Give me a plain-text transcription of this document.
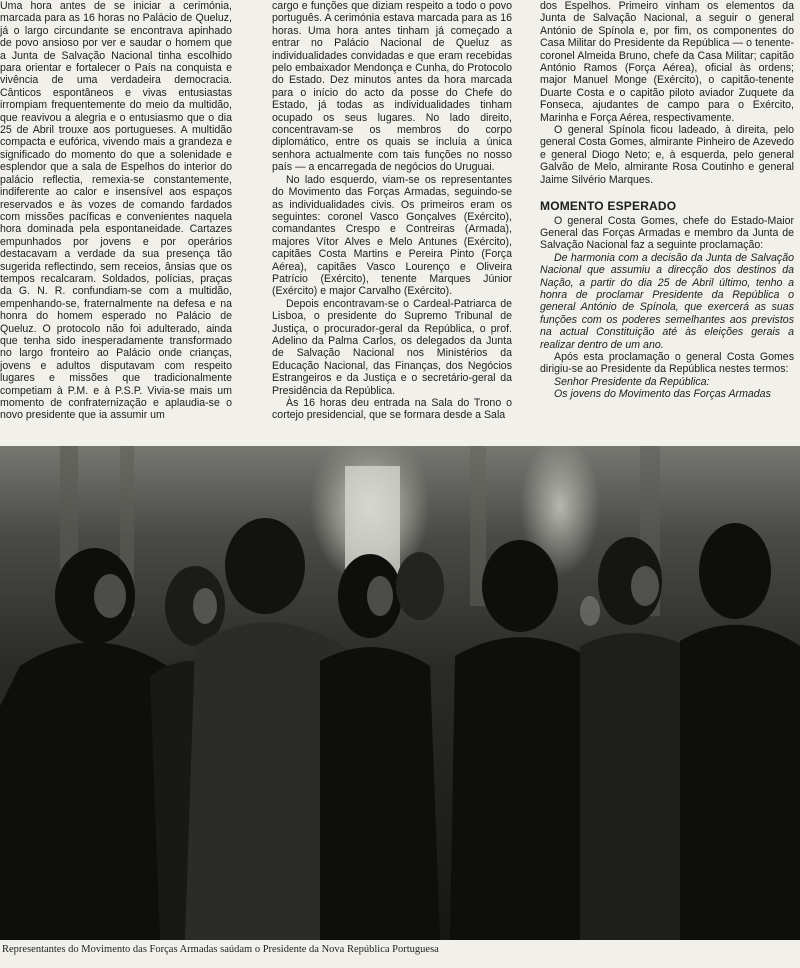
Uma hora antes de se iniciar a cerimónia, marcada para as 16 horas no Palácio de Queluz, já o largo circundante se encontrava apinhado de povo ansioso por ver e saudar o homem que a Junta de Salvação Nacional tinha escolhido para orientar e fortalecer o País na conquista e vivência de uma verdadeira democracia. Cânticos espontâneos e vivas entusiastas irrompiam frequentemente do meio da multidão, que reavivou a alegria e o entusiasmo que o dia 25 de Abril trouxe aos portugueses. A multidão compacta e eufórica, vivendo mais a grandeza e significado do momento do que a solenidade e esplendor que a sala de Espelhos do interior do palácio reflectia, remexia-se constantemente, indiferente ao calor e insensível aos espaços reservados e às vozes de comando fardados com missões pacíficas e convenientes naquela hora dominada pela espontaneidade. Cartazes empunhados por jovens e por operários destacavam a verdade da sua presença tão sugerida reflectindo, sem receios, ânsias que os tempos recalcaram. Soldados, polícias, praças da G. N. R. confundiam-se com a multidão, empenhando-se, fraternalmente na defesa e na honra do homem esperado no Palácio de Queluz. O protocolo não foi adulterado, ainda que tenha sido inesperadamente transformado no largo fronteiro ao Palácio onde crianças, jovens e adultos disputavam com respeito lugares e missões que tradicionalmente competiam à P.M. e à P.S.P. Vivia-se mais um momento de confraternização e aplaudia-se o novo presidente que ia assumir um

cargo e funções que diziam respeito a todo o povo português. A cerimónia estava marcada para as 16 horas. Uma hora antes tinham já começado a entrar no Palácio Nacional de Queluz as individualidades convidadas e que eram recebidas pelo embaixador Mendonça e Cunha, do Protocolo do Estado. Dez minutos antes da hora marcada para o início do acto da posse do Chefe do Estado, já todas as individualidades tinham ocupado os seus lugares. No lado direito, concentravam-se os membros do corpo diplomático, entre os quais se incluía a única senhora actualmente com tais funções no nosso país — a encarregada de negócios do Uruguai.

No lado esquerdo, viam-se os representantes do Movimento das Forças Armadas, seguindo-se as individualidades civis. Os primeiros eram os seguintes: coronel Vasco Gonçalves (Exército), comandantes Crespo e Contreiras (Armada), majores Vítor Alves e Melo Antunes (Exército), capitães Costa Martins e Pereira Pinto (Força Aérea), capitães Vasco Lourenço e Oliveira Patrício (Exército), tenente Marques Júnior (Exército) e major Carvalho (Exército).

Depois encontravam-se o Cardeal-Patriarca de Lisboa, o presidente do Supremo Tribunal de Justiça, o procurador-geral da República, o prof. Adelino da Palma Carlos, os delegados da Junta de Salvação Nacional nos Ministérios da Educação Nacional, das Finanças, dos Negócios Estrangeiros e da Justiça e o secretário-geral da Presidência da República.

Às 16 horas deu entrada na Sala do Trono o cortejo presidencial, que se formara desde a Sala

dos Espelhos. Primeiro vinham os elementos da Junta de Salvação Nacional, a seguir o general António de Spínola e, por fim, os componentes do Casa Militar do Presidente da República — o tenente-coronel Almeida Bruno, chefe da Casa Militar; capitão António Ramos (Força Aérea), oficial às ordens; major Manuel Monge (Exército), o capitão-tenente Duarte Costa e o capitão piloto aviador Zuquete da Fonseca, ajudantes de campo para o Exército, Marinha e Força Aérea, respectivamente.

O general Spínola ficou ladeado, à direita, pelo general Costa Gomes, almirante Pinheiro de Azevedo e general Diogo Neto; e, à esquerda, pelo general Galvão de Melo, almirante Rosa Coutinho e general Jaime Silvério Marques.

MOMENTO ESPERADO

O general Costa Gomes, chefe do Estado-Maior General das Forças Armadas e membro da Junta de Salvação Nacional faz a seguinte proclamação:

De harmonia com a decisão da Junta de Salvação Nacional que assumiu a direcção dos destinos da Nação, a partir do dia 25 de Abril último, tenho a honra de proclamar Presidente da República o general António de Spínola, que exercerá as suas funções com os poderes semelhantes aos previstos na actual Constituição até às eleições gerais a realizar dentro de um ano.

Após esta proclamação o general Costa Gomes dirigiu-se ao Presidente da República nestes termos:

Senhor Presidente da República:

Os jovens do Movimento das Forças Armadas

Representantes do Movimento das Forças Armadas saúdam o Presidente da Nova República Portuguesa
